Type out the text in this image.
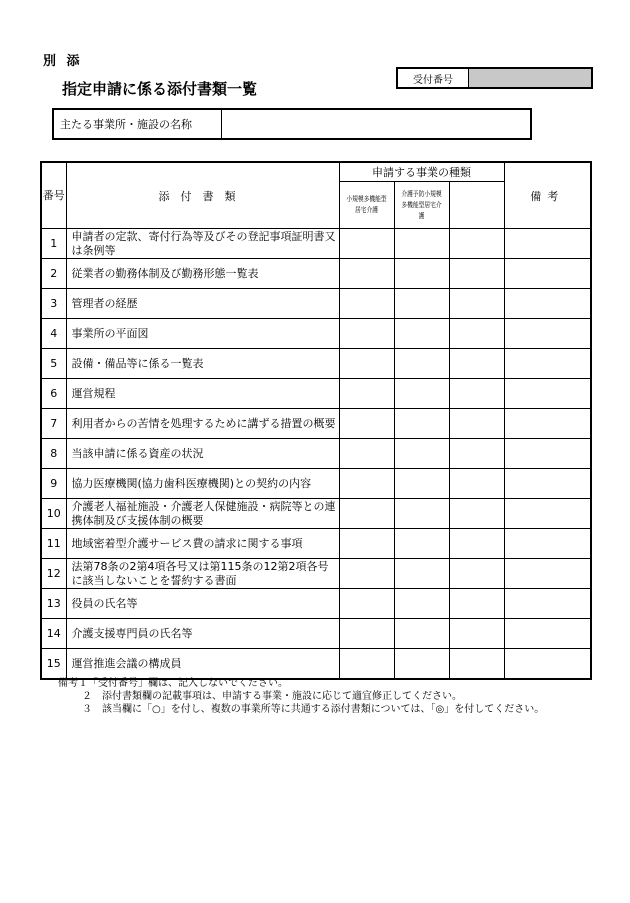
別 添
指定申請に係る添付書類一覧	受付番号
主たる事業所・施設の名称
番号	添付書類	申請する事業の種類			備考
		小規模多機能型居宅介護	介護予防小規模多機能型居宅介護		
1	申請者の定款、寄付行為等及びその登記事項証明書又は条例等				
2	従業者の勤務体制及び勤務形態一覧表				
3	管理者の経歴				
4	事業所の平面図				
5	設備・備品等に係る一覧表				
6	運営規程				
7	利用者からの苦情を処理するために講ずる措置の概要				
8	当該申請に係る資産の状況				
9	協力医療機関(協力歯科医療機関)との契約の内容				
10	介護老人福祉施設・介護老人保健施設・病院等との連携体制及び支援体制の概要				
11	地域密着型介護サービス費の請求に関する事項				
12	法第78条の2第4項各号又は第115条の12第2項各号に該当しないことを誓約する書面				
13	役員の氏名等				
14	介護支援専門員の氏名等				
15	運営推進会議の構成員				
備考１「受付番号」欄は、記入しないでください。
２　添付書類欄の記載事項は、申請する事業・施設に応じて適宜修正してください。
３　該当欄に「○」を付し、複数の事業所等に共通する添付書類については、「◎」を付してください。
